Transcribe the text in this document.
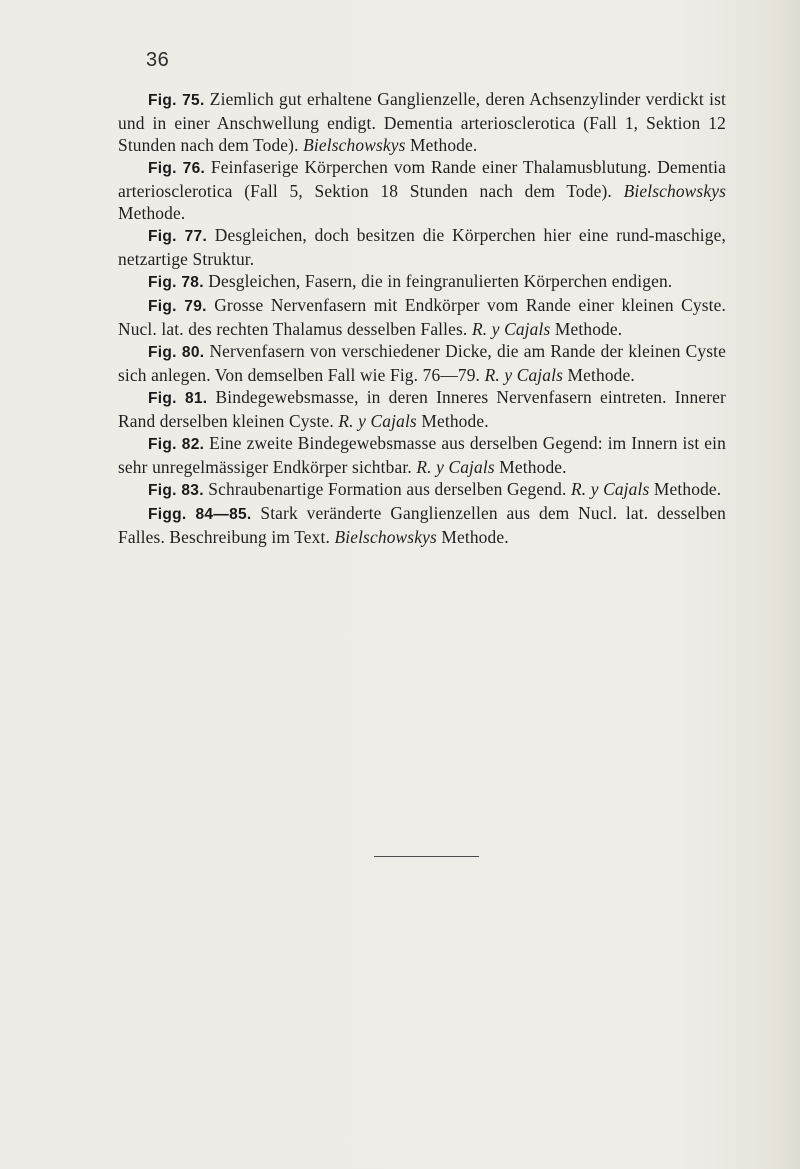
36

Fig. 75. Ziemlich gut erhaltene Ganglienzelle, deren Achsenzylinder verdickt ist und in einer Anschwellung endigt. Dementia arteriosclerotica (Fall 1, Sektion 12 Stunden nach dem Tode). Bielschowskys Methode.

Fig. 76. Feinfaserige Körperchen vom Rande einer Thalamusblutung. Dementia arteriosclerotica (Fall 5, Sektion 18 Stunden nach dem Tode). Bielschowskys Methode.

Fig. 77. Desgleichen, doch besitzen die Körperchen hier eine rund-maschige, netzartige Struktur.

Fig. 78. Desgleichen, Fasern, die in feingranulierten Körperchen endigen.

Fig. 79. Grosse Nervenfasern mit Endkörper vom Rande einer kleinen Cyste. Nucl. lat. des rechten Thalamus desselben Falles. R. y Cajals Methode.

Fig. 80. Nervenfasern von verschiedener Dicke, die am Rande der kleinen Cyste sich anlegen. Von demselben Fall wie Fig. 76—79. R. y Cajals Methode.

Fig. 81. Bindegewebsmasse, in deren Inneres Nervenfasern eintreten. Innerer Rand derselben kleinen Cyste. R. y Cajals Methode.

Fig. 82. Eine zweite Bindegewebsmasse aus derselben Gegend: im Innern ist ein sehr unregelmässiger Endkörper sichtbar. R. y Cajals Methode.

Fig. 83. Schraubenartige Formation aus derselben Gegend. R. y Cajals Methode.

Figg. 84—85. Stark veränderte Ganglienzellen aus dem Nucl. lat. desselben Falles. Beschreibung im Text. Bielschowskys Methode.
